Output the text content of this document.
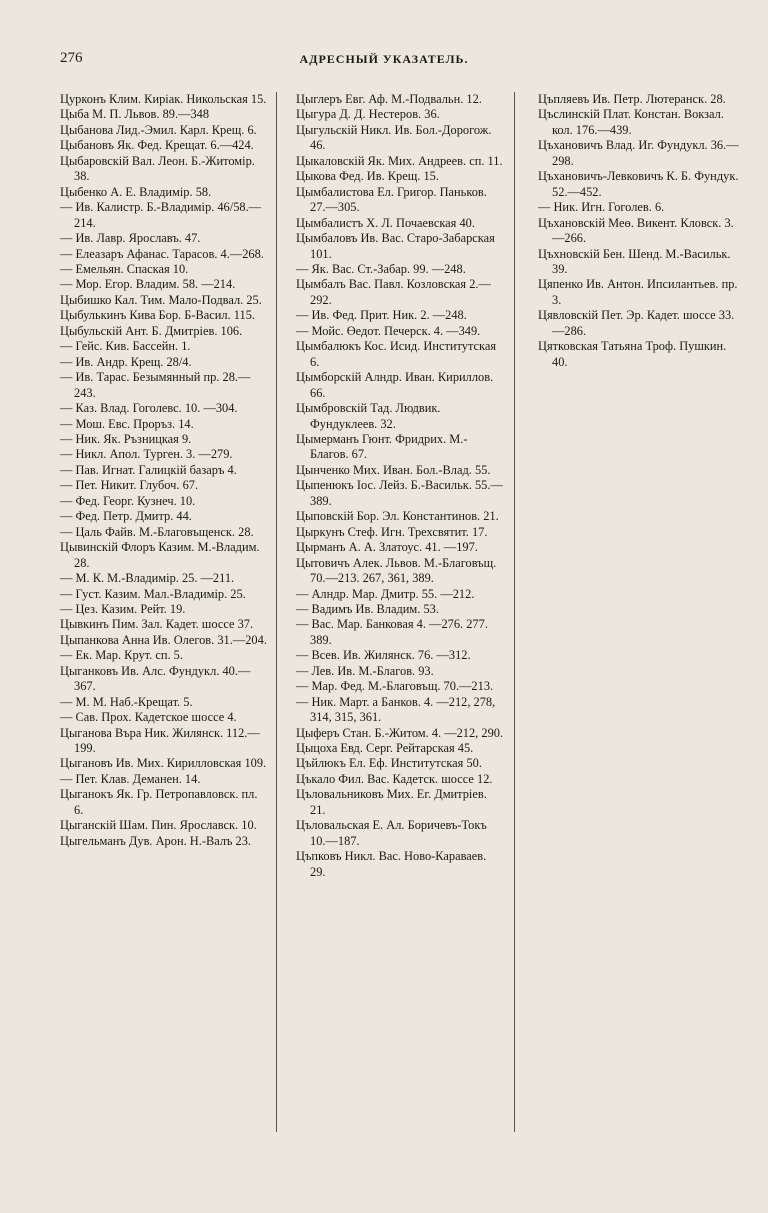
276	АДРЕСНЫЙ УКАЗАТЕЛЬ.
Цурконъ Клим. Киріак. Никольская 15.
Цыба М. П. Львов. 89.—348
Цыбанова Лид.-Эмил. Карл. Крещ. 6.
Цыбановъ Як. Фед. Крещат. 6.—424.
Цыбаровскій Вал. Леон. Б.-Житомір. 38.
Цыбенко А. Е. Владимір. 58.
— Ив. Калистр. Б.-Владимір. 46/58.—214.
— Ив. Лавр. Ярославъ. 47.
— Елеазаръ Афанас. Тарасов. 4.—268.
— Емельян. Спаская 10.
— Мор. Егор. Владим. 58. —214.
Цыбишко Кал. Тим. Мало-Подвал. 25.
Цыбулькинъ Кива Бор. Б-Васил. 115.
Цыбульскій Ант. Б. Дмитріев. 106.
— Гейс. Кив. Бассейн. 1.
— Ив. Андр. Крещ. 28/4.
— Ив. Тарас. Безымянный пр. 28.—243.
— Каз. Влад. Гоголевс. 10. —304.
— Мош. Евс. Проръз. 14.
— Ник. Як. Ръзницкая 9.
— Никл. Апол. Турген. 3. —279.
— Пав. Игнат. Галицкій базаръ 4.
— Пет. Никит. Глубоч. 67.
— Фед. Георг. Кузнеч. 10.
— Фед. Петр. Дмитр. 44.
— Цаль Файв. М.-Благовъщенск. 28.
Цывинскій Флоръ Казим. М.-Владим. 28.
— М. К. М.-Владимір. 25. —211.
— Густ. Казим. Мал.-Владимір. 25.
— Цез. Казим. Рейт. 19.
Цывкинъ Пим. Зал. Кадет. шоссе 37.
Цыпанкова Анна Ив. Олегов. 31.—204.
— Ек. Мар. Крут. сп. 5.
Цыганковъ Ив. Алс. Фундукл. 40.—367.
— М. М. Наб.-Крещат. 5.
— Сав. Прох. Кадетское шоссе 4.
Цыганова Въра Ник. Жилянск. 112.—199.
Цыгановъ Ив. Мих. Кирилловская 109.
— Пет. Клав. Деманен. 14.
Цыганокъ Як. Гр. Петропавловск. пл. 6.
Цыганскій Шам. Пин. Ярославск. 10.
Цыгельманъ Дув. Арон. Н.-Валъ 23.
Цыглеръ Евг. Аф. М.-Подвальн. 12.
Цыгура Д. Д. Нестеров. 36.
Цыгульскій Никл. Ив. Бол.-Дорогож. 46.
Цыкаловскій Як. Мих. Андреев. сп. 11.
Цыкова Фед. Ив. Крещ. 15.
Цымбалистова Ел. Григор. Паньков. 27.—305.
Цымбалистъ Х. Л. Почаевская 40.
Цымбаловъ Ив. Вас. Старо-Забарская 101.
— Як. Вас. Ст.-Забар. 99. —248.
Цымбалъ Вас. Павл. Козловская 2.—292.
— Ив. Фед. Прит. Ник. 2. —248.
— Мойс. Өедот. Печерск. 4. —349.
Цымбалюкъ Кос. Исид. Институтская 6.
Цымборскій Алндр. Иван. Кириллов. 66.
Цымбровскій Тад. Людвик. Фундуклеев. 32.
Цымерманъ Гюнт. Фридрих. М.-Благов. 67.
Цынченко Мих. Иван. Бол.-Влад. 55.
Цыпенюкъ Іос. Лейз. Б.-Васильк. 55.—389.
Цыповскій Бор. Эл. Константинов. 21.
Цыркунъ Стеф. Игн. Трехсвятит. 17.
Цырманъ А. А. Златоус. 41. —197.
Цытовичъ Алек. Львов. М.-Благовъщ. 70.—213. 267, 361, 389.
— Алндр. Мар. Дмитр. 55. —212.
— Вадимъ Ив. Владим. 53.
— Вас. Мар. Банковая 4. —276. 277. 389.
— Всев. Ив. Жилянск. 76. —312.
— Лев. Ив. М.-Благов. 93.
— Мар. Фед. М.-Благовъщ. 70.—213.
— Ник. Март. а Банков. 4. —212, 278, 314, 315, 361.
Цыферъ Стан. Б.-Житом. 4. —212, 290.
Цыцоха Евд. Серг. Рейтарская 45.
Цъйлюкъ Ел. Еф. Институтская 50.
Цъкало Фил. Вас. Кадетск. шоссе 12.
Цъловальниковъ Мих. Ег. Дмитріев. 21.
Цъловальская Е. Ал. Боричевъ-Токъ 10.—187.
Цъпковъ Никл. Вас. Ново-Караваев. 29.
Цъпляевъ Ив. Петр. Лютеранск. 28.
Цъслинскій Плат. Констан. Вокзал. кол. 176.—439.
Цъхановичъ Влад. Иг. Фундукл. 36.—298.
Цъхановичъ-Левковичъ К. Б. Фундук. 52.—452.
— Ник. Игн. Гоголев. 6.
Цъхановскій Меө. Викент. Кловск. 3.—266.
Цъхновскій Бен. Шенд. М.-Васильк. 39.
Цяпенко Ив. Антон. Ипсилантьев. пр. 3.
Цявловскій Пет. Эр. Кадет. шоссе 33.—286.
Цятковская Татьяна Троф. Пушкин. 40.
